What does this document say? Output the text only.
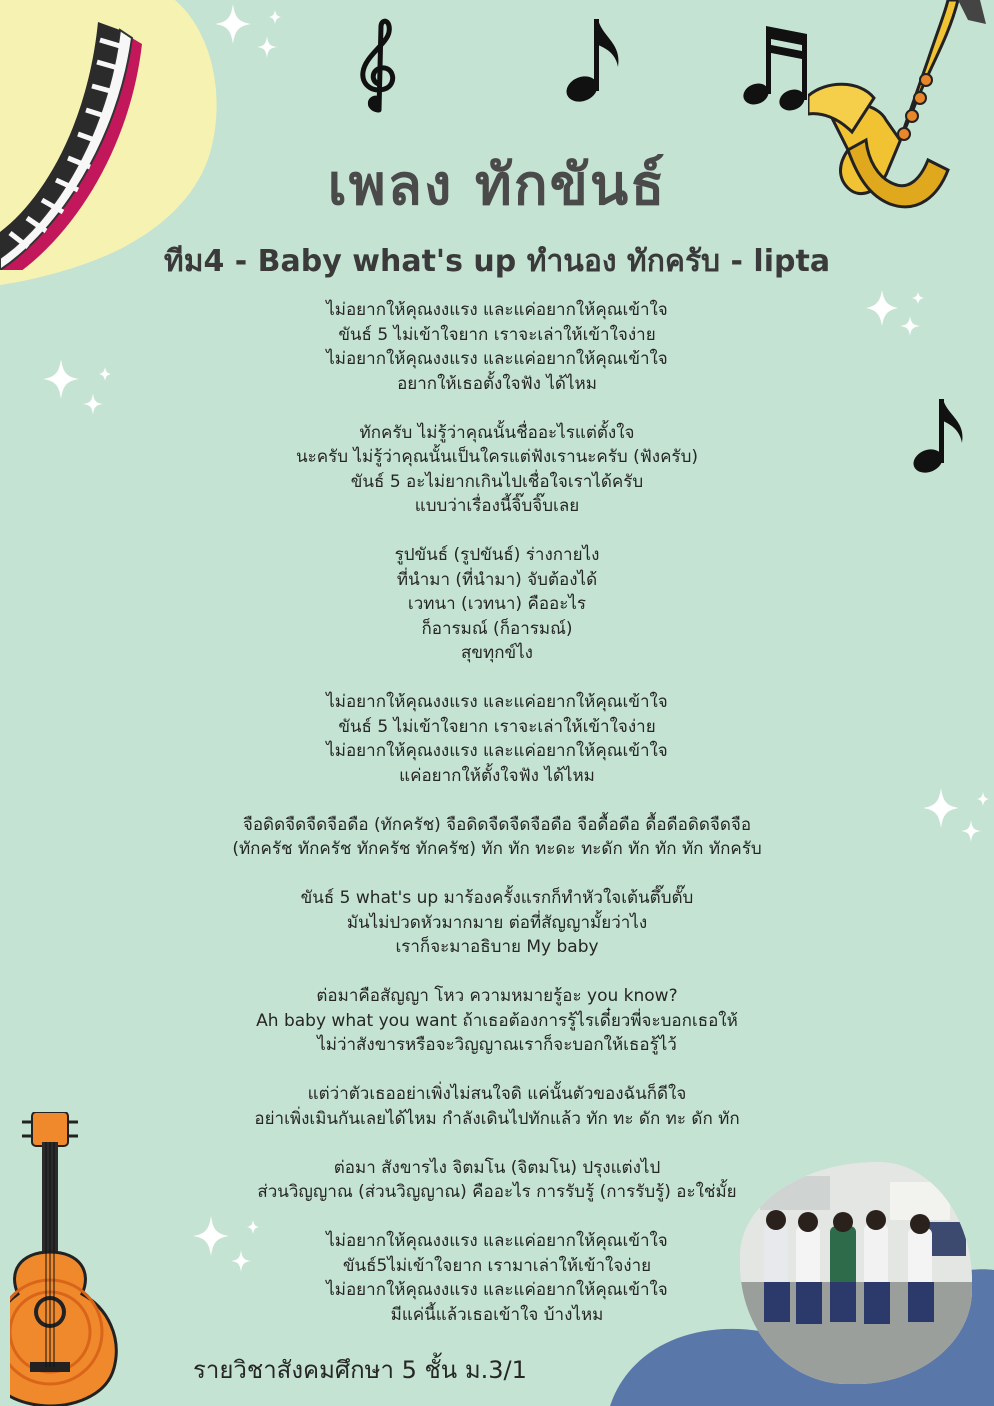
เพลง ทักขันธ์
ทีม4 - Baby what's up ทำนอง ทักครับ - lipta
ไม่อยากให้คุณงงแรง และแค่อยากให้คุณเข้าใจ
ขันธ์ 5 ไม่เข้าใจยาก เราจะเล่าให้เข้าใจง่าย
ไม่อยากให้คุณงงแรง และแค่อยากให้คุณเข้าใจ
อยากให้เธอตั้งใจฟัง ได้ไหม
ทักครับ ไม่รู้ว่าคุณนั้นชื่ออะไรแต่ตั้งใจ
นะครับ ไม่รู้ว่าคุณนั้นเป็นใครแต่ฟังเรานะครับ (ฟังครับ)
ขันธ์ 5 อะไม่ยากเกินไปเชื่อใจเราได้ครับ
แบบว่าเรื่องนี้จิ๊บจิ๊บเลย
รูปขันธ์ (รูปขันธ์) ร่างกายไง
ที่นำมา (ที่นำมา) จับต้องได้
เวทนา (เวทนา) คืออะไร
ก็อารมณ์ (ก็อารมณ์)
สุขทุกข์ไง
ไม่อยากให้คุณงงแรง และแค่อยากให้คุณเข้าใจ
ขันธ์ 5 ไม่เข้าใจยาก เราจะเล่าให้เข้าใจง่าย
ไม่อยากให้คุณงงแรง และแค่อยากให้คุณเข้าใจ
แค่อยากให้ตั้งใจฟัง ได้ไหม
จือดิดจืดจืดจือดือ (ทักครัช) จือดิดจืดจืดจือดือ จือดื้อดือ ดื้อดือดิดจืดจือ
(ทักครัช ทักครัช ทักครัช ทักครัช) ทัก ทัก ทะดะ ทะดัก ทัก ทัก ทัก ทักครับ
ขันธ์ 5 what's up มาร้องครั้งแรกก็ทำหัวใจเต้นตึ๊บตั๊บ
มันไม่ปวดหัวมากมาย ต่อที่สัญญามั้ยว่าไง
เราก็จะมาอธิบาย My baby
ต่อมาคือสัญญา โหว ความหมายรู้อะ you know?
Ah baby what you want ถ้าเธอต้องการรู้ไรเดี๋ยวพี่จะบอกเธอให้
ไม่ว่าสังขารหรือจะวิญญาณเราก็จะบอกให้เธอรู้ไว้
แต่ว่าตัวเธออย่าเพิ่งไม่สนใจดิ แค่นั้นตัวของฉันก็ดีใจ
อย่าเพิ่งเมินกันเลยได้ไหม กำลังเดินไปทักแล้ว ทัก ทะ ดัก ทะ ดัก ทัก
ต่อมา สังขารไง จิตมโน (จิตมโน) ปรุงแต่งไป
ส่วนวิญญาณ (ส่วนวิญญาณ) คืออะไร การรับรู้ (การรับรู้) อะใช่มั้ย
ไม่อยากให้คุณงงแรง และแค่อยากให้คุณเข้าใจ
ขันธ์5ไม่เข้าใจยาก เรามาเล่าให้เข้าใจง่าย
ไม่อยากให้คุณงงแรง และแค่อยากให้คุณเข้าใจ
มีแค่นี้แล้วเธอเข้าใจ บ้างไหม
รายวิชาสังคมศึกษา 5 ชั้น ม.3/1
